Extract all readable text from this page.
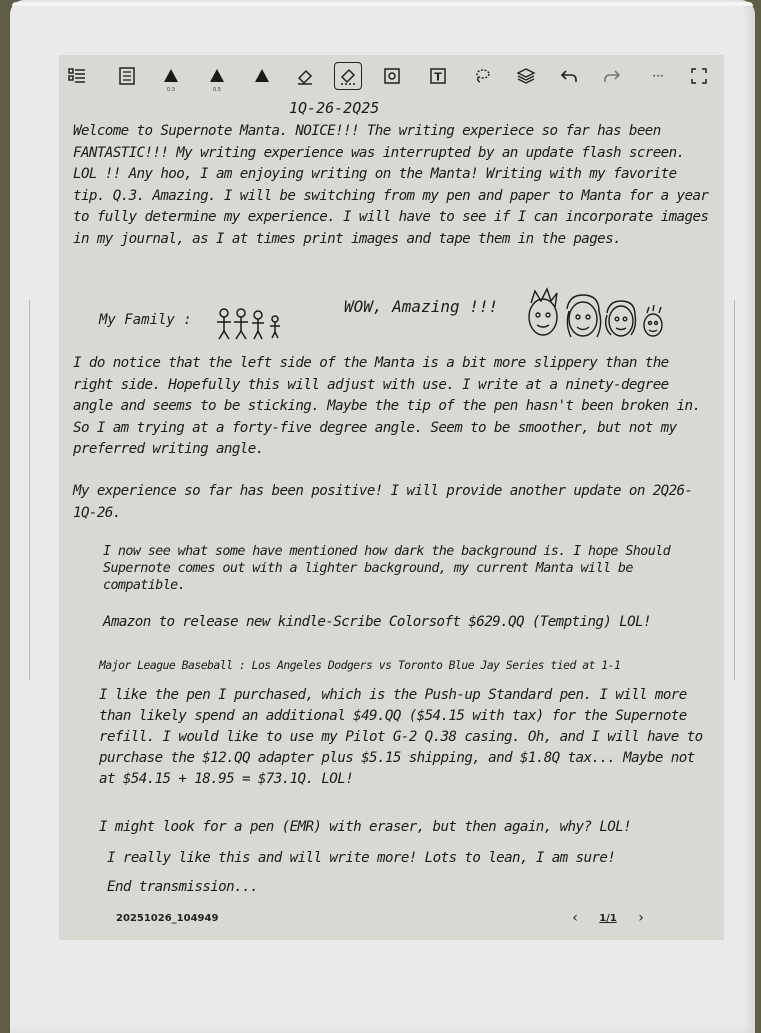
0.3	0.5
T	···
1Q-26-2Q25
Welcome to Supernote Manta. NOICE!!! The writing experiece so far has been FANTASTIC!!! My writing experience was interrupted by an update flash screen. LOL !! Any hoo, I am enjoying writing on the Manta! Writing with my favorite tip. Q.3. Amazing. I will be switching from my pen and paper to Manta for a year to fully determine my experience. I will have to see if I can incorporate images in my journal, as I at times print images and tape them in the pages.
My Family :
WOW, Amazing !!!
I do notice that the left side of the Manta is a bit more slippery than the right side. Hopefully this will adjust with use. I write at a ninety-degree angle and seems to be sticking. Maybe the tip of the pen hasn't been broken in. So I am trying at a forty-five degree angle. Seem to be smoother, but not my preferred writing angle.
My experience so far has been positive! I will provide another update on 2Q26-1Q-26.
I now see what some have mentioned how dark the background is. I hope Should Supernote comes out with a lighter background, my current Manta will be compatible.
Amazon to release new kindle-Scribe Colorsoft $629.QQ (Tempting) LOL!
Major League Baseball : Los Angeles Dodgers vs Toronto Blue Jay Series tied at 1-1
I like the pen I purchased, which is the Push-up Standard pen. I will more than likely spend an additional $49.QQ ($54.15 with tax) for the Supernote refill. I would like to use my Pilot G-2 Q.38 casing. Oh, and I will have to purchase the $12.QQ adapter plus $5.15 shipping, and $1.8Q tax... Maybe not at $54.15 + 18.95 = $73.1Q. LOL!
I might look for a pen (EMR) with eraser, but then again, why? LOL!
I really like this and will write more! Lots to lean, I am sure!
End transmission...
20251026_104949	‹	1/1	›
